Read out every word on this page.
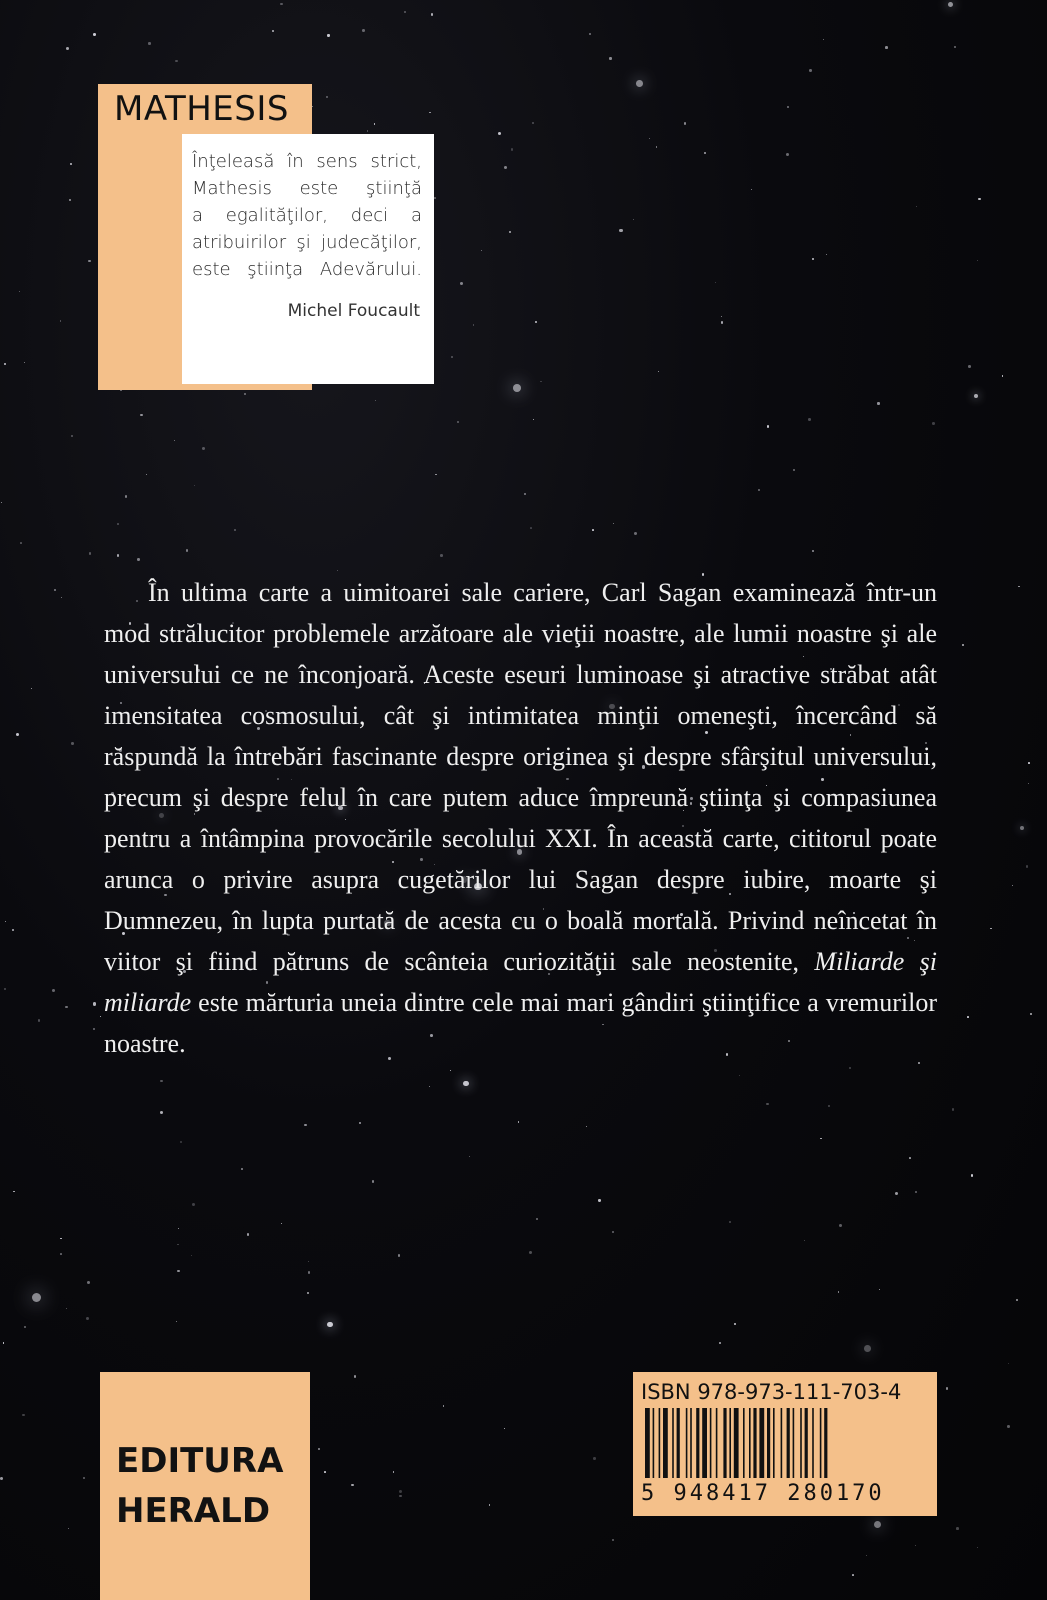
MATHESIS

Înţeleasă în sens strict,
Mathesis este ştiinţă
a egalităţilor, deci a
atribuirilor şi judecăţilor,
este ştiinţa Adevărului.

Michel Foucault

În ultima carte a uimitoarei sale cariere, Carl Sagan examinează într-un mod strălucitor problemele arzătoare ale vieţii noastre, ale lumii noastre şi ale universului ce ne înconjoară. Aceste eseuri luminoase şi atractive străbat atât imensitatea cosmosului, cât şi intimitatea minţii omeneşti, încercând să răspundă la întrebări fascinante despre originea şi despre sfârşitul universului, precum şi despre felul în care putem aduce împreună ştiinţa şi compasiunea pentru a întâmpina provocările secolului XXI. În această carte, cititorul poate arunca o privire asupra cugetărilor lui Sagan despre iubire, moarte şi Dumnezeu, în lupta purtată de acesta cu o boală mortală. Privind neîncetat în viitor şi fiind pătruns de scânteia curiozităţii sale neostenite, Miliarde şi miliarde este mărturia uneia dintre cele mai mari gândiri ştiinţifice a vremurilor noastre.

EDITURA
HERALD

ISBN 978-973-111-703-4

5 948417 280170
